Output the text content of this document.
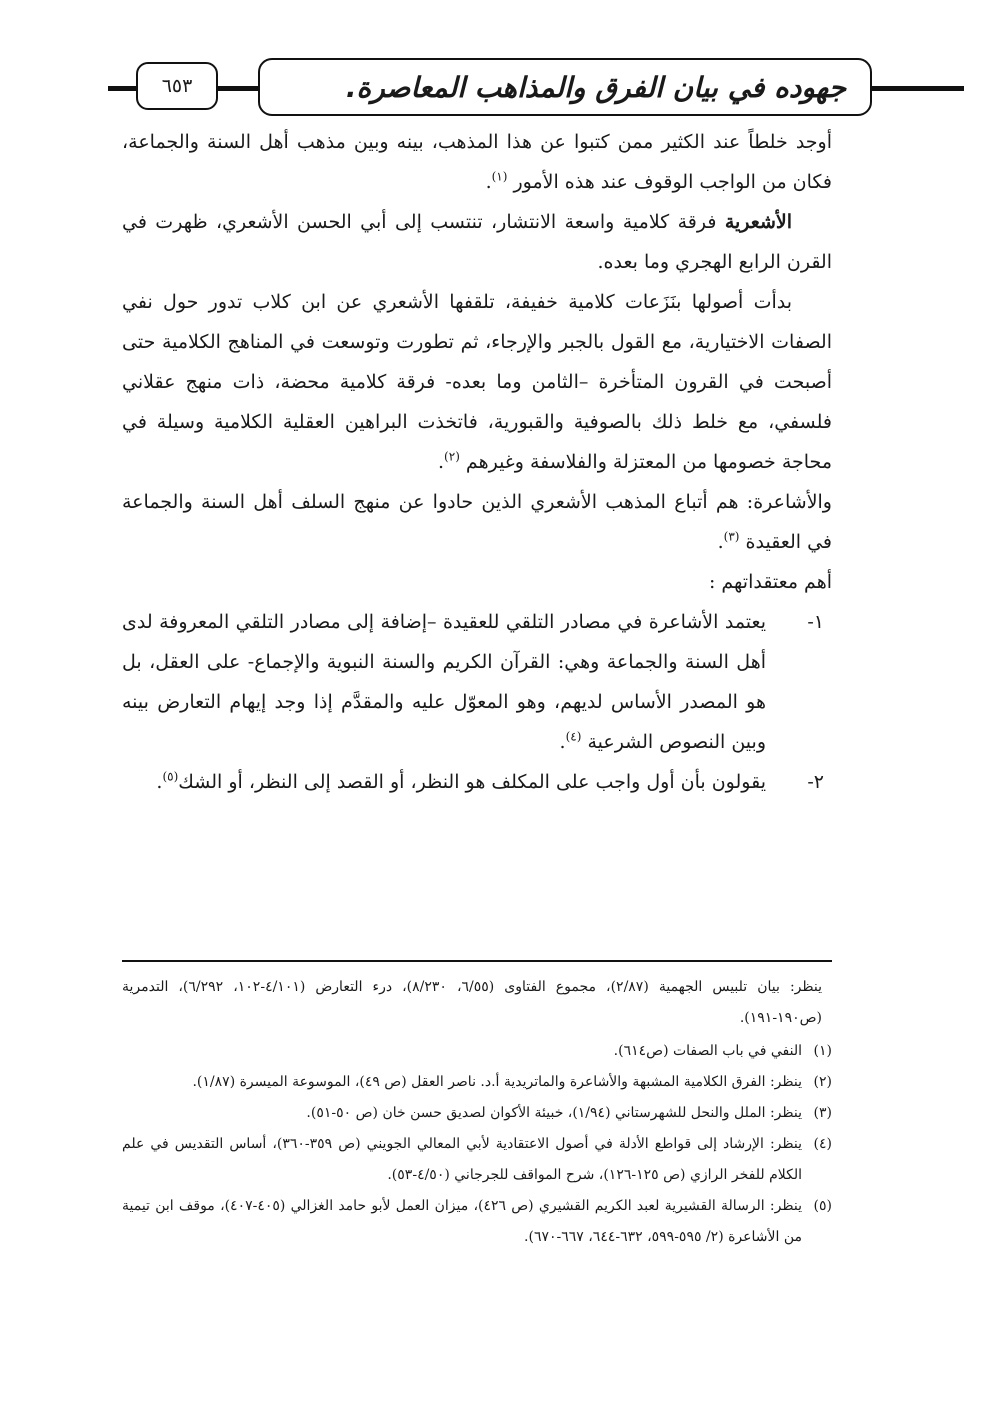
٦٥٣	جهوده في بيان الفرق والمذاهب المعاصرة.

أوجد خلطاً عند الكثير ممن كتبوا عن هذا المذهب، بينه وبين مذهب أهل السنة والجماعة، فكان من الواجب الوقوف عند هذه الأمور $^{(١)}$.

الأشعرية فرقة كلامية واسعة الانتشار، تنتسب إلى أبي الحسن الأشعري، ظهرت في القرن الرابع الهجري وما بعده.

بدأت أصولها بنَزَعات كلامية خفيفة، تلقفها الأشعري عن ابن كلاب تدور حول نفي الصفات الاختيارية، مع القول بالجبر والإرجاء، ثم تطورت وتوسعت في المناهج الكلامية حتى أصبحت في القرون المتأخرة –الثامن وما بعده- فرقة كلامية محضة، ذات منهج عقلاني فلسفي، مع خلط ذلك بالصوفية والقبورية، فاتخذت البراهين العقلية الكلامية وسيلة في محاجة خصومها من المعتزلة والفلاسفة وغيرهم $^{(٢)}$.

والأشاعرة: هم أتباع المذهب الأشعري الذين حادوا عن منهج السلف أهل السنة والجماعة في العقيدة $^{(٣)}$.

أهم معتقداتهم :

١-
يعتمد الأشاعرة في مصادر التلقي للعقيدة –إضافة إلى مصادر التلقي المعروفة لدى أهل السنة والجماعة وهي: القرآن الكريم والسنة النبوية والإجماع- على العقل، بل هو المصدر الأساس لديهم، وهو المعوّل عليه والمقدَّم إذا وجد إيهام التعارض بينه وبين النصوص الشرعية $^{(٤)}$.
٢-
يقولون بأن أول واجب على المكلف هو النظر، أو القصد إلى النظر، أو الشك$^{(٥)}$.

ينظر: بيان تلبيس الجهمية (٢/٨٧)، مجموع الفتاوى (٦/٥٥، ٨/٢٣٠)، درء التعارض (٤/١٠١-١٠٢، ٦/٢٩٢)، التدمرية (ص١٩٠-١٩١).

(١)
النفي في باب الصفات (ص٦١٤).
(٢)
ينظر: الفرق الكلامية المشبهة والأشاعرة والماتريدية أ.د. ناصر العقل (ص ٤٩)، الموسوعة الميسرة (١/٨٧).
(٣)
ينظر: الملل والنحل للشهرستاني (١/٩٤)، خبيئة الأكوان لصديق حسن خان (ص ٥٠-٥١).
(٤)
ينظر: الإرشاد إلى قواطع الأدلة في أصول الاعتقادية لأبي المعالي الجويني (ص ٣٥٩-٣٦٠)، أساس التقديس في علم الكلام للفخر الرازي (ص ١٢٥-١٢٦)، شرح المواقف للجرجاني (٤/٥٠-٥٣).
(٥)
ينظر: الرسالة القشيرية لعبد الكريم القشيري (ص ٤٢٦)، ميزان العمل لأبو حامد الغزالي (٤٠٥-٤٠٧)، موقف ابن تيمية من الأشاعرة (٢/ ٥٩٥-٥٩٩، ٦٣٢-٦٤٤، ٦٦٧-٦٧٠).
